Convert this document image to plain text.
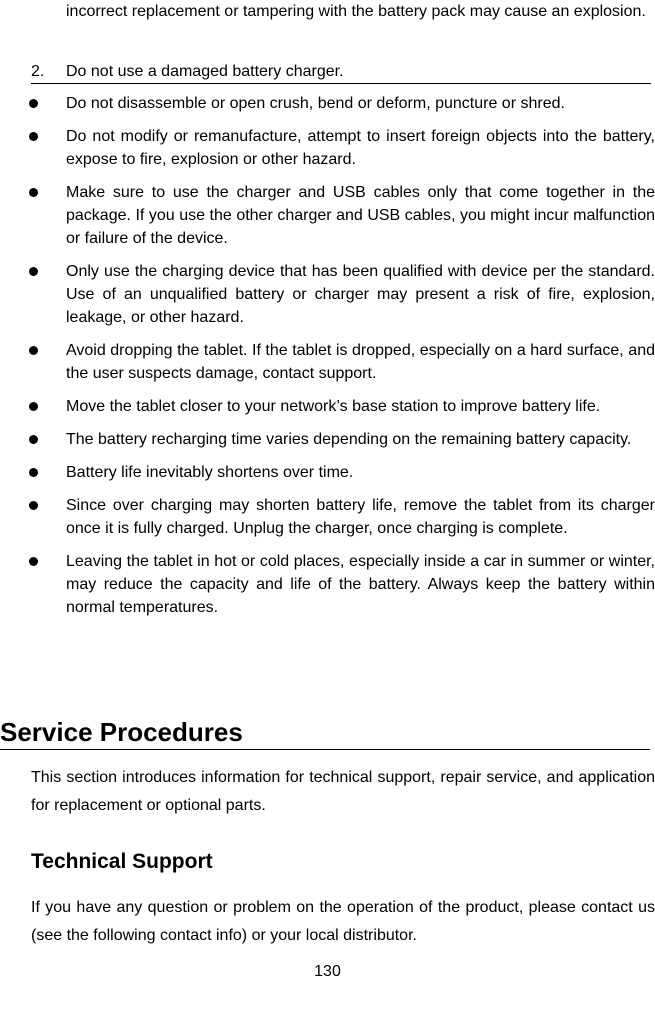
incorrect replacement or tampering with the battery pack may cause an explosion.

2. Do not use a damaged battery charger.
Do not disassemble or open crush, bend or deform, puncture or shred.
Do not modify or remanufacture, attempt to insert foreign objects into the battery, expose to fire, explosion or other hazard.
Make sure to use the charger and USB cables only that come together in the package. If you use the other charger and USB cables, you might incur malfunction or failure of the device.
Only use the charging device that has been qualified with device per the standard. Use of an unqualified battery or charger may present a risk of fire, explosion, leakage, or other hazard.
Avoid dropping the tablet. If the tablet is dropped, especially on a hard surface, and the user suspects damage, contact support.
Move the tablet closer to your network’s base station to improve battery life.
The battery recharging time varies depending on the remaining battery capacity.
Battery life inevitably shortens over time.
Since over charging may shorten battery life, remove the tablet from its charger once it is fully charged. Unplug the charger, once charging is complete.
Leaving the tablet in hot or cold places, especially inside a car in summer or winter, may reduce the capacity and life of the battery. Always keep the battery within normal temperatures.
Service Procedures

This section introduces information for technical support, repair service, and application for replacement or optional parts.

Technical Support

If you have any question or problem on the operation of the product, please contact us (see the following contact info) or your local distributor.

130
